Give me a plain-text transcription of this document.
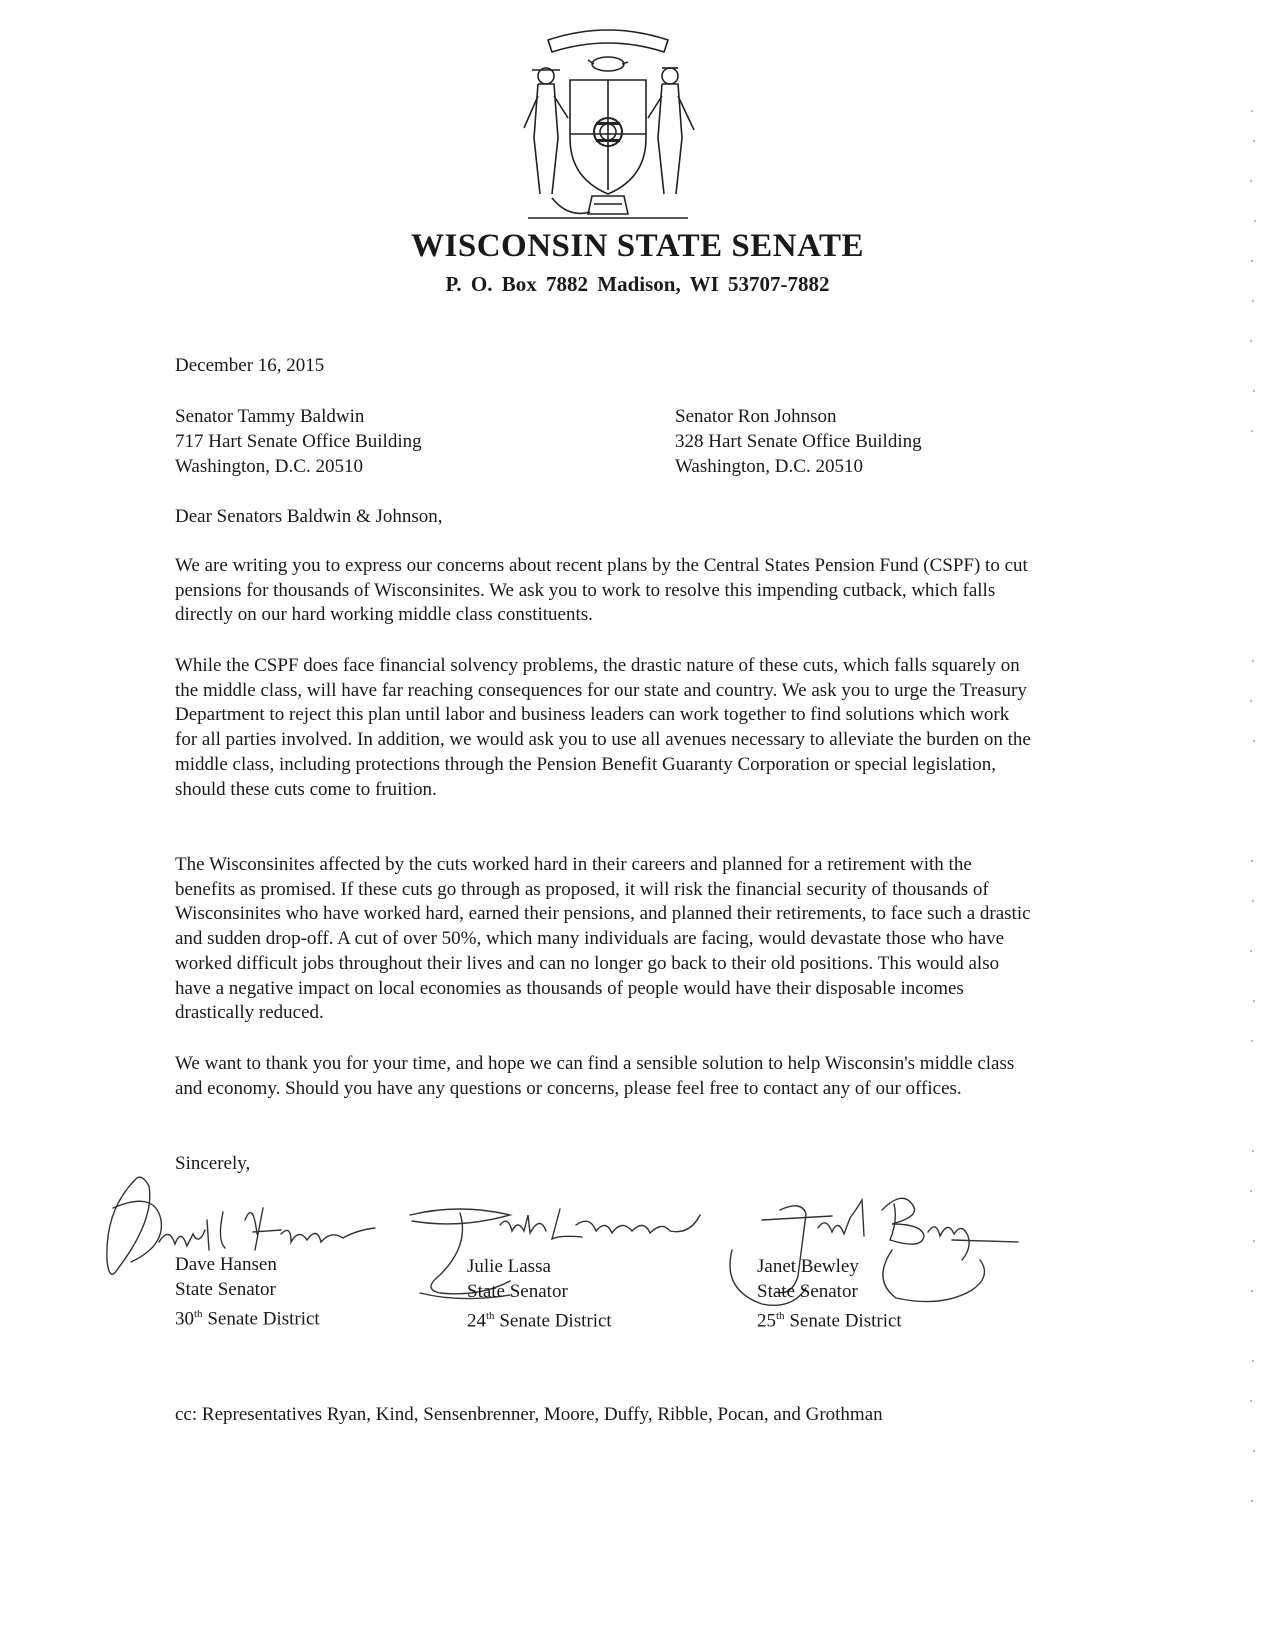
WISCONSIN STATE SENATE
P. O. Box 7882 Madison, WI 53707-7882
December 16, 2015
Senator Tammy Baldwin
717 Hart Senate Office Building
Washington, D.C. 20510
Senator Ron Johnson
328 Hart Senate Office Building
Washington, D.C. 20510
Dear Senators Baldwin & Johnson,
We are writing you to express our concerns about recent plans by the Central States Pension Fund (CSPF) to cut pensions for thousands of Wisconsinites. We ask you to work to resolve this impending cutback, which falls directly on our hard working middle class constituents.
While the CSPF does face financial solvency problems, the drastic nature of these cuts, which falls squarely on the middle class, will have far reaching consequences for our state and country. We ask you to urge the Treasury Department to reject this plan until labor and business leaders can work together to find solutions which work for all parties involved. In addition, we would ask you to use all avenues necessary to alleviate the burden on the middle class, including protections through the Pension Benefit Guaranty Corporation or special legislation, should these cuts come to fruition.
The Wisconsinites affected by the cuts worked hard in their careers and planned for a retirement with the benefits as promised. If these cuts go through as proposed, it will risk the financial security of thousands of Wisconsinites who have worked hard, earned their pensions, and planned their retirements, to face such a drastic and sudden drop-off. A cut of over 50%, which many individuals are facing, would devastate those who have worked difficult jobs throughout their lives and can no longer go back to their old positions. This would also have a negative impact on local economies as thousands of people would have their disposable incomes drastically reduced.
We want to thank you for your time, and hope we can find a sensible solution to help Wisconsin's middle class and economy. Should you have any questions or concerns, please feel free to contact any of our offices.
Sincerely,
Dave Hansen
State Senator
30th Senate District
Julie Lassa
State Senator
24th Senate District
Janet Bewley
State Senator
25th Senate District
cc: Representatives Ryan, Kind, Sensenbrenner, Moore, Duffy, Ribble, Pocan, and Grothman
